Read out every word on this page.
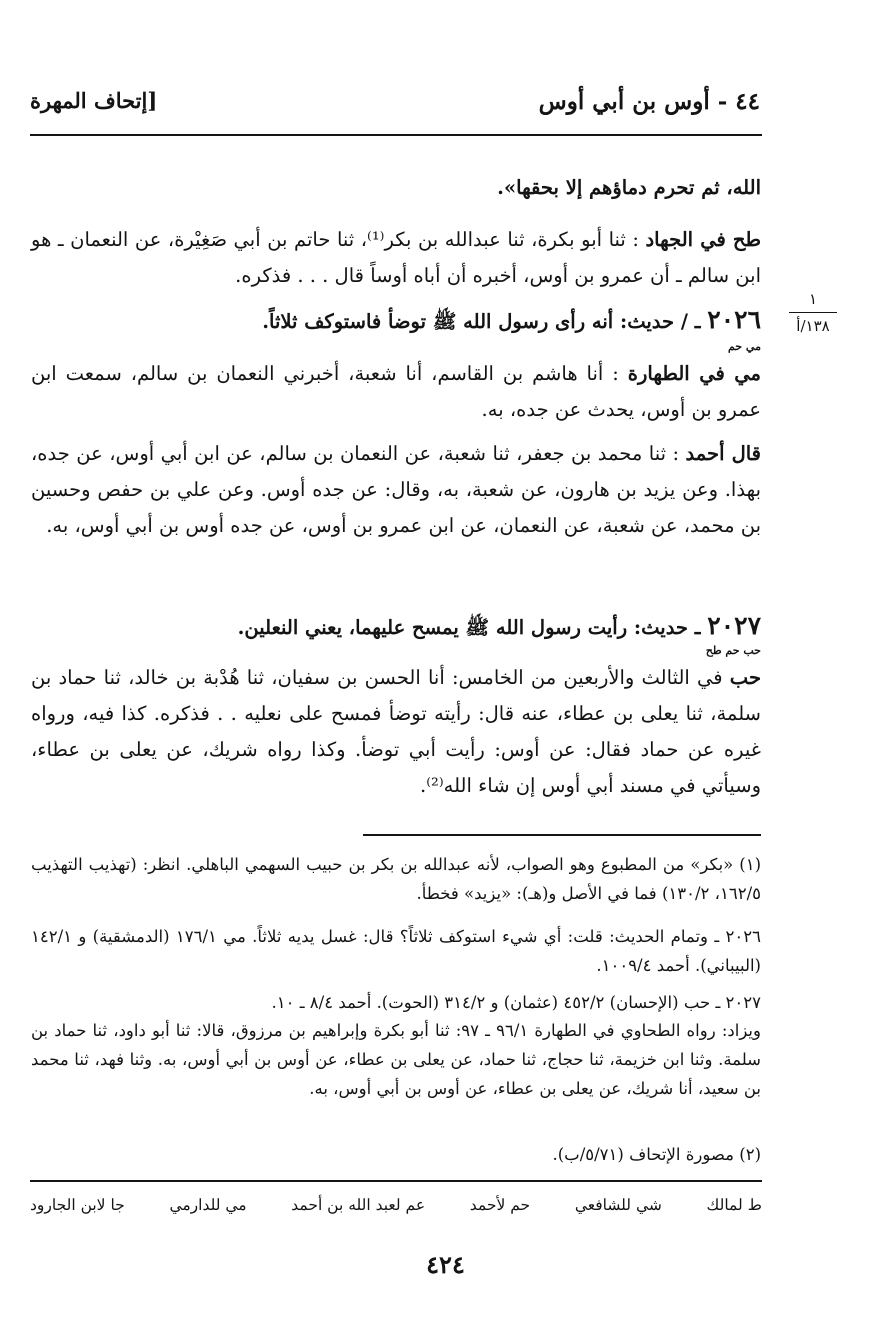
٤٤ - أوس بن أبي أوس
[إتحاف المهرة
١
١٣٨/أ
الله، ثم تحرم دماؤهم إلا بحقها».
طح في الجهاد : ثنا أبو بكرة، ثنا عبدالله بن بكر⁽¹⁾، ثنا حاتم بن أبي صَغِيْرة، عن النعمان ـ هو ابن سالم ـ أن عمرو بن أوس، أخبره أن أباه أوساً قال . . . فذكره.
٢٠٢٦ ـ / حديث: أنه رأى رسول الله ﷺ توضأ فاستوكف ثلاثاً.
مي حم
مي في الطهارة : أنا هاشم بن القاسم، أنا شعبة، أخبرني النعمان بن سالم، سمعت ابن عمرو بن أوس، يحدث عن جده، به.
قال أحمد : ثنا محمد بن جعفر، ثنا شعبة، عن النعمان بن سالم، عن ابن أبي أوس، عن جده، بهذا. وعن يزيد بن هارون، عن شعبة، به، وقال: عن جده أوس. وعن علي بن حفص وحسين بن محمد، عن شعبة، عن النعمان، عن ابن عمرو بن أوس، عن جده أوس بن أبي أوس، به.
٢٠٢٧ ـ حديث: رأيت رسول الله ﷺ يمسح عليهما، يعني النعلين.
حب حم طح
حب في الثالث والأربعين من الخامس: أنا الحسن بن سفيان، ثنا هُدْبة بن خالد، ثنا حماد بن سلمة، ثنا يعلى بن عطاء، عنه قال: رأيته توضأ فمسح على نعليه . . فذكره. كذا فيه، ورواه غيره عن حماد فقال: عن أوس: رأيت أبي توضأ. وكذا رواه شريك، عن يعلى بن عطاء، وسيأتي في مسند أبي أوس إن شاء الله⁽²⁾.
(١) «بكر» من المطبوع وهو الصواب، لأنه عبدالله بن بكر بن حبيب السهمي الباهلي. انظر: (تهذيب التهذيب ١٦٢/٥، ١٣٠/٢) فما في الأصل و(هـ): «يزيد» فخطأ.
٢٠٢٦ ـ وتمام الحديث: قلت: أي شيء استوكف ثلاثاً؟ قال: غسل يديه ثلاثاً. مي ١٧٦/١ (الدمشقية) و ١٤٢/١ (البيباني). أحمد ١٠٠٩/٤.
٢٠٢٧ ـ حب (الإحسان) ٤٥٢/٢ (عثمان) و ٣١٤/٢ (الحوت). أحمد ٨/٤ ـ ١٠.
ويزاد: رواه الطحاوي في الطهارة ٩٦/١ ـ ٩٧: ثنا أبو بكرة وإبراهيم بن مرزوق، قالا: ثنا أبو داود، ثنا حماد بن سلمة. وثنا ابن خزيمة، ثنا حجاج، ثنا حماد، عن يعلى بن عطاء، عن أوس بن أبي أوس، به. وثنا فهد، ثنا محمد بن سعيد، أنا شريك، عن يعلى بن عطاء، عن أوس بن أبي أوس، به.
(٢) مصورة الإتحاف (٥/٧١/ب).
ط لمالك
شي للشافعي
حم لأحمد
عم لعبد الله بن أحمد
مي للدارمي
جا لابن الجارود
٤٢٤
